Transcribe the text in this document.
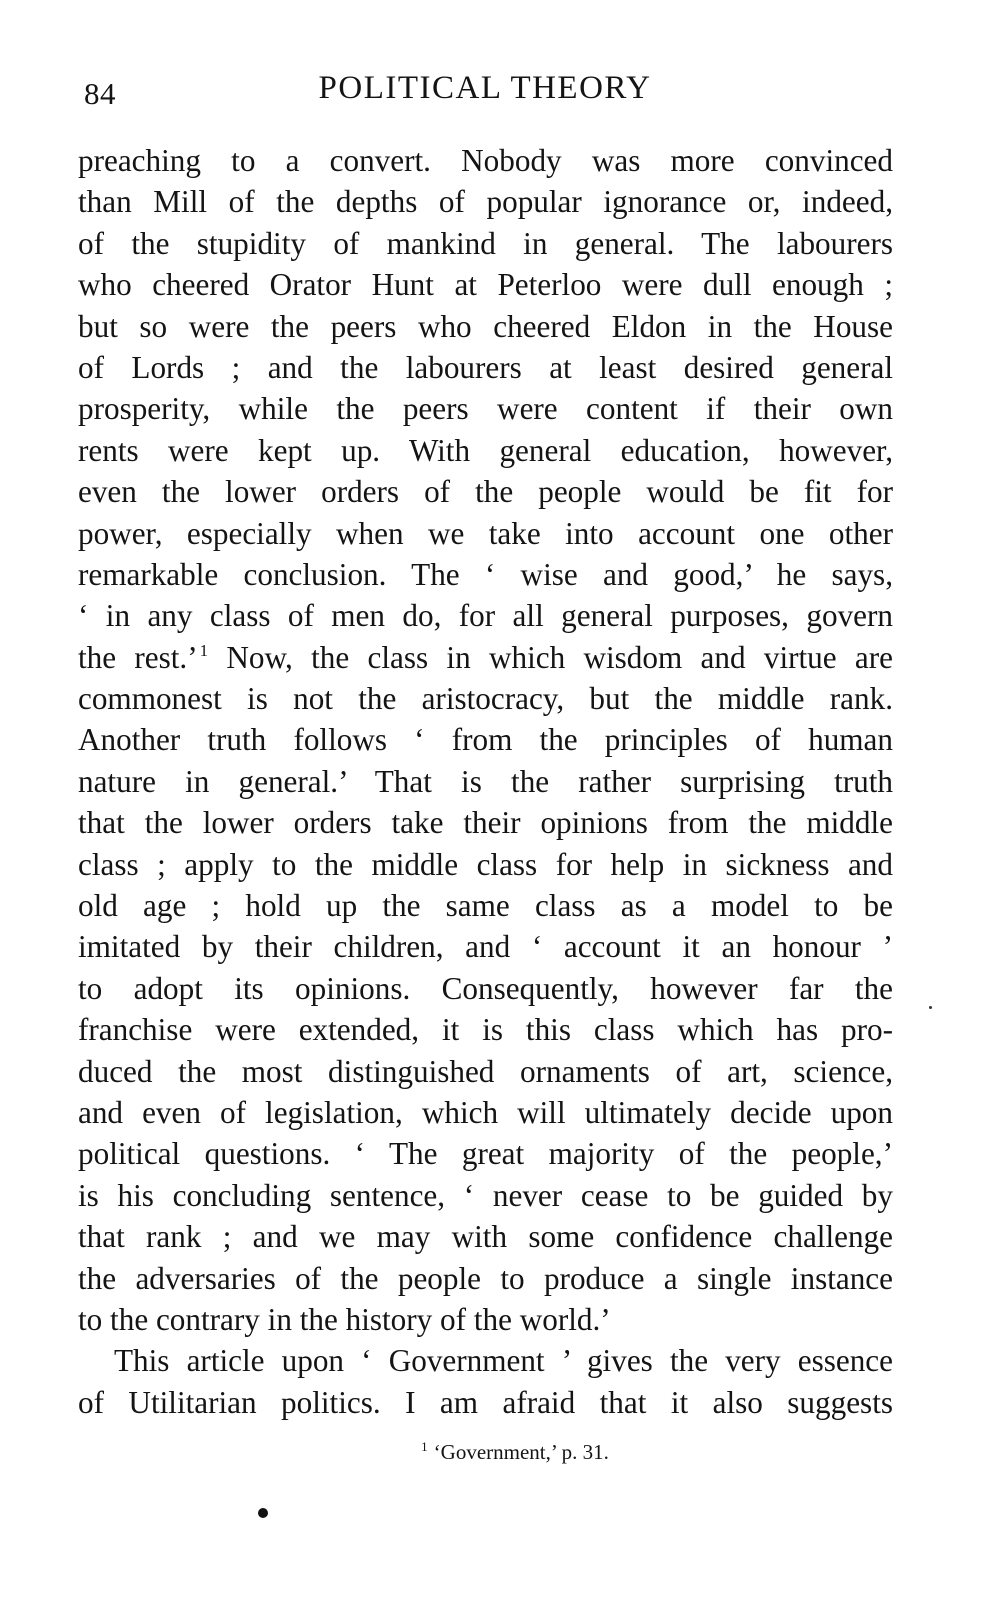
84	POLITICAL THEORY
preaching to a convert. Nobody was more convinced
than Mill of the depths of popular ignorance or, indeed,
of the stupidity of mankind in general. The labourers
who cheered Orator Hunt at Peterloo were dull enough ;
but so were the peers who cheered Eldon in the House
of Lords ; and the labourers at least desired general
prosperity, while the peers were content if their own
rents were kept up. With general education, however,
even the lower orders of the people would be fit for
power, especially when we take into account one other
remarkable conclusion. The ‘ wise and good,’ he says,
‘ in any class of men do, for all general purposes, govern
the rest.’ $^1$ Now, the class in which wisdom and virtue are
commonest is not the aristocracy, but the middle rank.
Another truth follows ‘ from the principles of human
nature in general.’ That is the rather surprising truth
that the lower orders take their opinions from the middle
class ; apply to the middle class for help in sickness and
old age ; hold up the same class as a model to be
imitated by their children, and ‘ account it an honour ’
to adopt its opinions. Consequently, however far the
franchise were extended, it is this class which has pro-
duced the most distinguished ornaments of art, science,
and even of legislation, which will ultimately decide upon
political questions. ‘ The great majority of the people,’
is his concluding sentence, ‘ never cease to be guided by
that rank ; and we may with some confidence challenge
the adversaries of the people to produce a single instance
to the contrary in the history of the world.’
This article upon ‘ Government ’ gives the very essence
of Utilitarian politics. I am afraid that it also suggests
$^1$ ‘Government,’ p. 31.
